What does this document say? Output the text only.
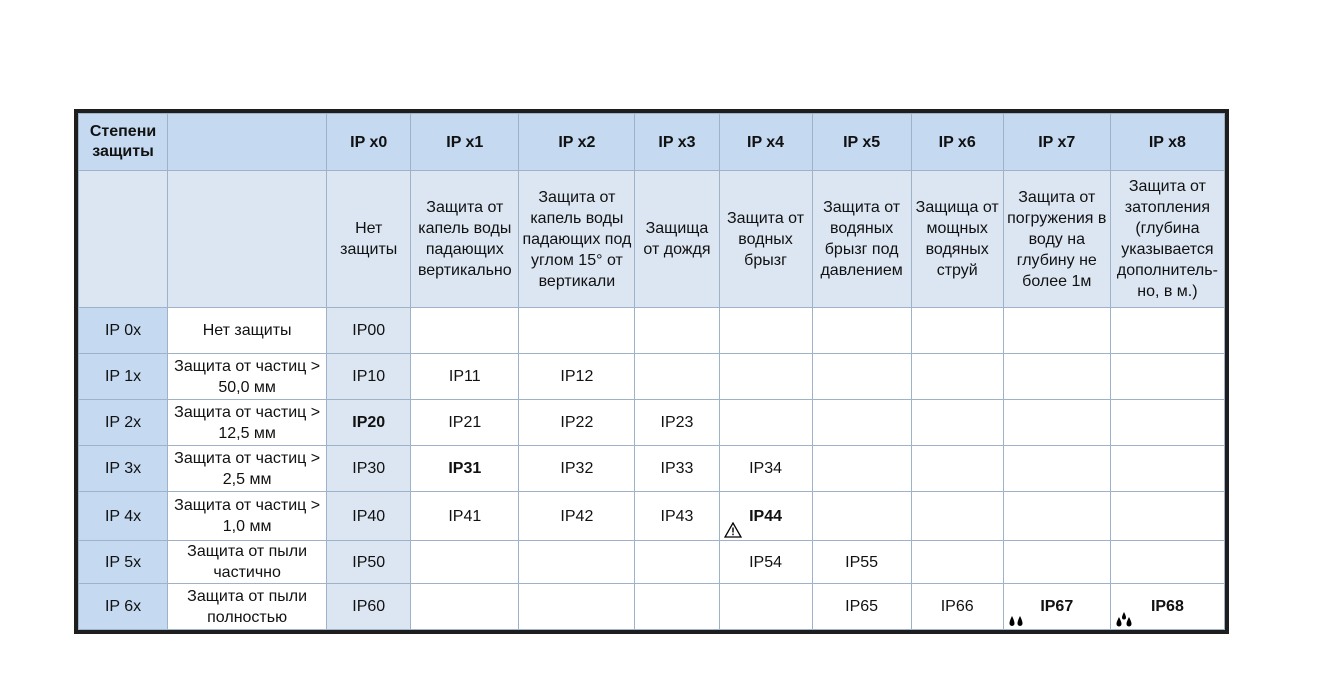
Степени защиты		IP x0	IP x1	IP x2	IP x3	IP x4	IP x5	IP x6	IP x7	IP x8
		Нет защиты	Защита от капель воды падающих вертикально	Защита от капель воды падающих под углом 15° от вертикали	Защища от дождя	Защита от водных брызг	Защита от водяных брызг под давлением	Защища от мощных водяных струй	Защита от погружения в воду на глубину не более 1м	Защита от затопления (глубина указывается дополнитель-но, в м.)
IP 0x	Нет защиты	IP00								

IP 1x	Защита от частиц > 50,0 мм	IP10	IP11	IP12						

IP 2x	Защита от частиц > 12,5 мм	IP20	IP21	IP22	IP23					

IP 3x	Защита от частиц > 2,5 мм	IP30	IP31	IP32	IP33	IP34				

IP 4x	Защита от частиц > 1,0 мм	IP40	IP41	IP42	IP43	IP44				

IP 5x	Защита от пыли частично	IP50				IP54	IP55			

IP 6x	Защита от пыли полностью	IP60					IP65	IP66	IP67	IP68
